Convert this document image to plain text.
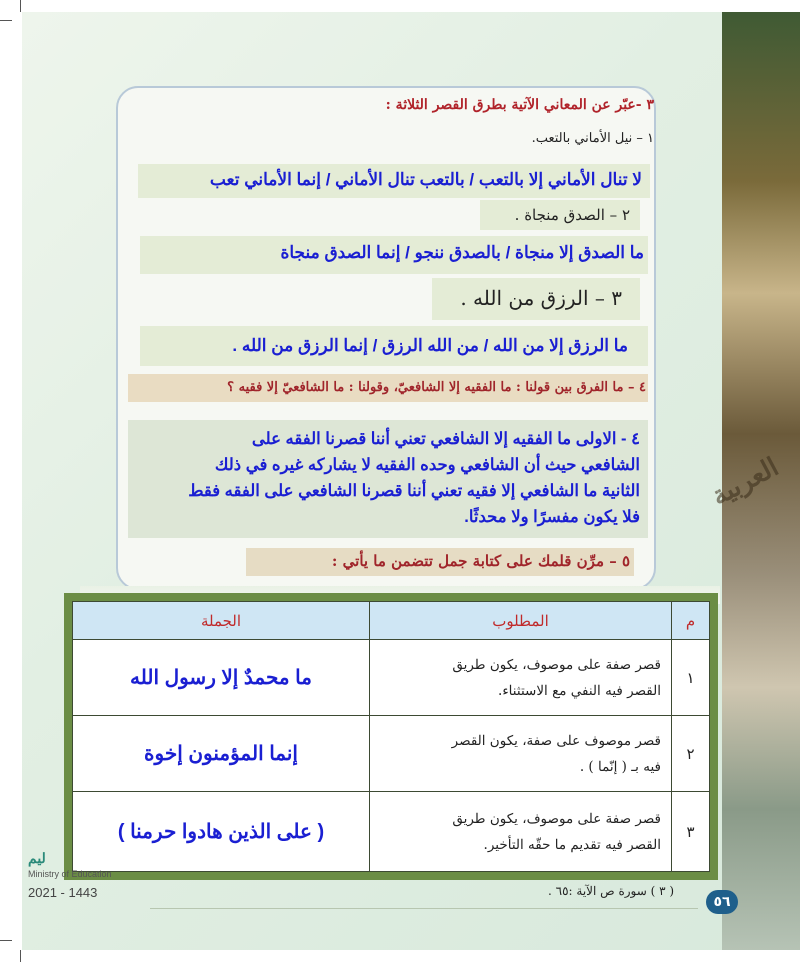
العربية
٣ -عبّر عن المعاني الآتية بطرق القصر الثلاثة :
١ – نيل الأماني بالتعب.
لا تنال الأماني إلا بالتعب / بالتعب تنال الأماني / إنما الأماني تعب
٢ – الصدق منجاة .
ما الصدق إلا منجاة / بالصدق ننجو / إنما الصدق منجاة
٣ – الرزق من الله .
ما الرزق إلا من الله / من الله الرزق / إنما الرزق من الله .
٤ – ما الفرق بين قولنا : ما الفقيه إلا الشافعيّ، وقولنا : ما الشافعيّ إلا فقيه ؟
٤ - الاولى ما الفقيه إلا الشافعي تعني أننا قصرنا الفقه على
الشافعي حيث أن الشافعي وحده الفقيه لا يشاركه غيره في ذلك
الثانية ما الشافعي إلا فقيه تعني أننا قصرنا الشافعي على الفقه فقط
فلا يكون مفسرًا ولا محدثًا.
٥ – مرِّن قلمك على كتابة جمل تتضمن ما يأتي :
م	المطلوب	الجملة
١	قصر صفة على موصوف، يكون طريق
القصر فيه النفي مع الاستثناء.	ما محمدٌ إلا رسول الله
٢	قصر موصوف على صفة، يكون القصر
فيه بـ ( إنّما ) .	إنما المؤمنون إخوة
٣	قصر صفة على موصوف، يكون طريق
القصر فيه تقديم ما حقّه التأخير.	( على الذين هادوا حرمنا )
( ٣ ) سورة ص الآية :٦٥ .
٥٦
ليم
Ministry of Education
2021 - 1443
